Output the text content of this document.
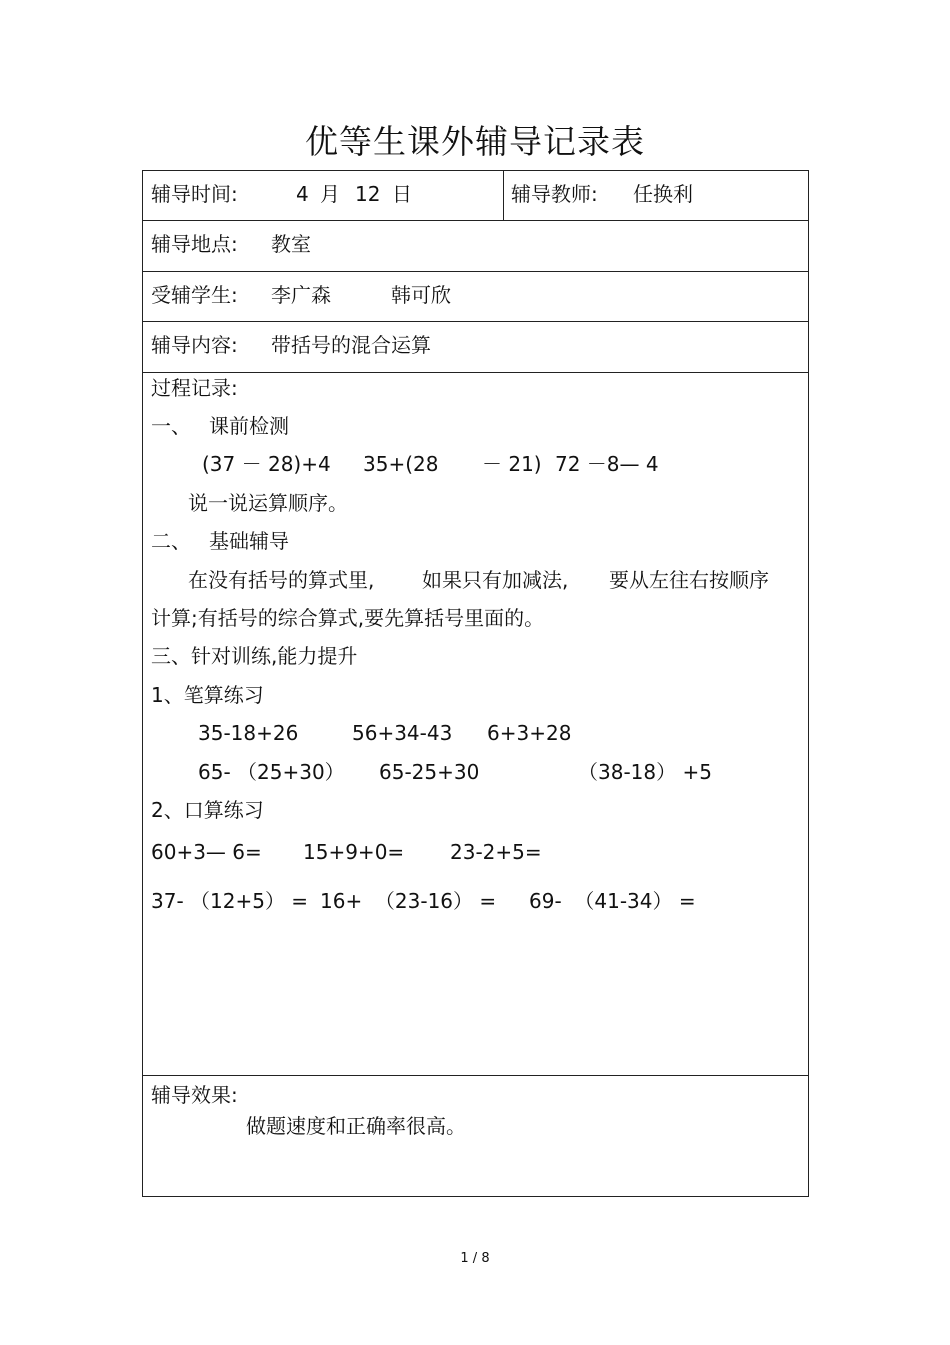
优等生课外辅导记录表
辅导时间:	4 月 12 日	辅导教师: 任换利
辅导地点: 教室
受辅学生: 李广森	韩可欣
辅导内容: 带括号的混合运算
过程记录:
一、 课前检测
(37 － 28)+4 35+(28 － 21) 72 －8— 4
说一说运算顺序。
二、 基础辅导
在没有括号的算式里, 如果只有加减法, 要从左往右按顺序
计算;有括号的综合算式,要先算括号里面的。
三、针对训练,能力提升
1、笔算练习
35-18+26	56+34-43 6+3+28
65- （25+30） 65-25+30	（38-18） +5
2、口算练习
60+3— 6= 15+9+0= 23-2+5=
37- （12+5） = 16+  （23-16） = 69-  （41-34） =
辅导效果:
做题速度和正确率很高。
1 / 8
